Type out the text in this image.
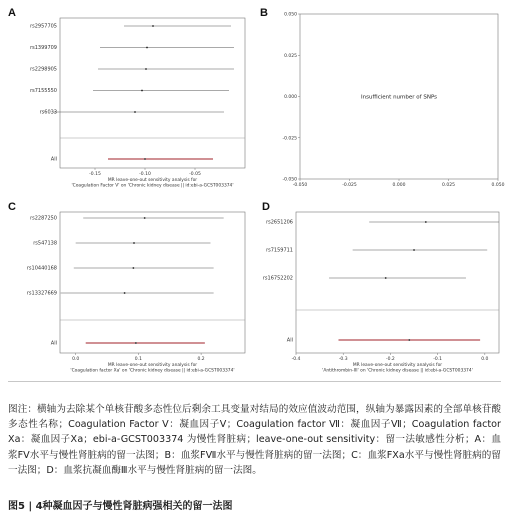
A
rs2957705
rs1399709
rs2298905
rs7155550
rs6033
All
-0.15	-0.10	-0.05
MR leave-one-out sensitivity analysis for
'Coagulation Factor V' on 'Chronic kidney disease || id:ebi-a-GCST003374'
B
-0.050	-0.025	0.000	0.025	0.050
0.050
0.025
0.000
-0.025
-0.050
Insufficient number of SNPs
C
rs2287250
rs547138
rs10440168
rs13327669
All
0.0	0.1	0.2
MR leave-one-out sensitivity analysis for
'Coagulation factor Xa' on 'Chronic kidney disease || id:ebi-a-GCST003374'
D
rs2651206
rs7159711
rs16752202
All
-0.4	-0.3	-0.2	-0.1	0.0
MR leave-one-out sensitivity analysis for
'Antithrombin-III' on 'Chronic kidney disease || id:ebi-a-GCST003374'
图注：横轴为去除某个单核苷酸多态性位后剩余工具变量对结局的效应值波动范围，纵轴为暴露因素的全部单核苷酸多态性名称；Coagulation Factor V：凝血因子Ⅴ；Coagulation factor Ⅶ：凝血因子Ⅶ；Coagulation factor Xa：凝血因子Ⅹa；ebi-a-GCST003374 为慢性肾脏病；leave-one-out sensitivity：留一法敏感性分析；A：血浆FⅤ水平与慢性肾脏病的留一法图；B：血浆FⅦ水平与慢性肾脏病的留一法图；C：血浆FⅩa水平与慢性肾脏病的留一法图；D：血浆抗凝血酶Ⅲ水平与慢性肾脏病的留一法图。
图5 | 4种凝血因子与慢性肾脏病强相关的留一法图
